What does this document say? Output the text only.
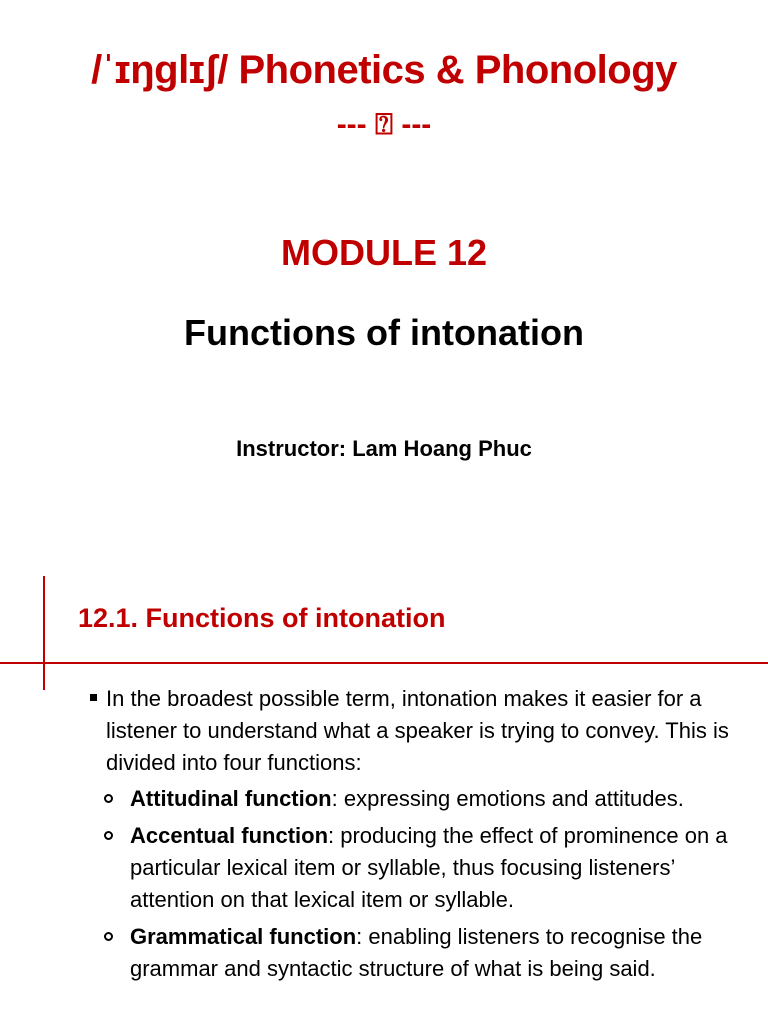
/ˈɪŋɡlɪʃ/ Phonetics & Phonology
--- ⍰ ---
MODULE 12
Functions of intonation
Instructor: Lam Hoang Phuc
12.1. Functions of intonation
In the broadest possible term, intonation makes it easier for a listener to understand what a speaker is trying to convey. This is divided into four functions:
Attitudinal function: expressing emotions and attitudes.
Accentual function: producing the effect of prominence on a particular lexical item or syllable, thus focusing listeners’ attention on that lexical item or syllable.
Grammatical function: enabling listeners to recognise the grammar and syntactic structure of what is being said.
